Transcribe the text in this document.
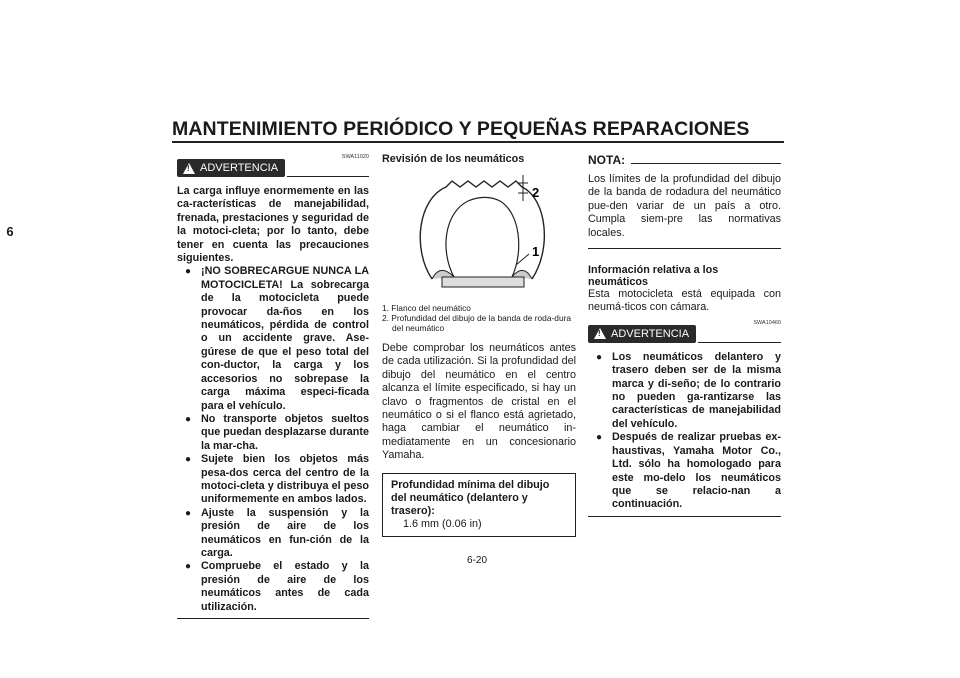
MANTENIMIENTO PERIÓDICO Y PEQUEÑAS REPARACIONES
6
! ADVERTENCIA
SWA11020
La carga influye enormemente en las ca-racterísticas de manejabilidad, frenada, prestaciones y seguridad de la motoci-cleta; por lo tanto, debe tener en cuenta las precauciones siguientes.
● ¡NO SOBRECARGUE NUNCA LA MOTOCICLETA! La sobrecarga de la motocicleta puede provocar da-ños en los neumáticos, pérdida de control o un accidente grave. Ase-gúrese de que el peso total del con-ductor, la carga y los accesorios no sobrepase la carga máxima especi-ficada para el vehículo.
● No transporte objetos sueltos que puedan desplazarse durante la mar-cha.
● Sujete bien los objetos más pesa-dos cerca del centro de la motoci-cleta y distribuya el peso uniformemente en ambos lados.
● Ajuste la suspensión y la presión de aire de los neumáticos en fun-ción de la carga.
● Compruebe el estado y la presión de aire de los neumáticos antes de cada utilización.
Revisión de los neumáticos
2
1
1. Flanco del neumático
2. Profundidad del dibujo de la banda de roda-dura del neumático
Debe comprobar los neumáticos antes de cada utilización. Si la profundidad del dibujo del neumático en el centro alcanza el límite especificado, si hay un clavo o fragmentos de cristal en el neumático o si el flanco está agrietado, haga cambiar el neumático in-mediatamente en un concesionario Yamaha.
Profundidad mínima del dibujo del neumático (delantero y trasero):
1.6 mm (0.06 in)
NOTA:
Los límites de la profundidad del dibujo de la banda de rodadura del neumático pue-den variar de un país a otro. Cumpla siem-pre las normativas locales.
Información relativa a los neumáticos
Esta motocicleta está equipada con neumá-ticos con cámara.
! ADVERTENCIA
SWA10460
● Los neumáticos delantero y trasero deben ser de la misma marca y di-seño; de lo contrario no pueden ga-rantizarse las características de manejabilidad del vehículo.
● Después de realizar pruebas ex-haustivas, Yamaha Motor Co., Ltd. sólo ha homologado para este mo-delo los neumáticos que se relacio-nan a continuación.
6-20
